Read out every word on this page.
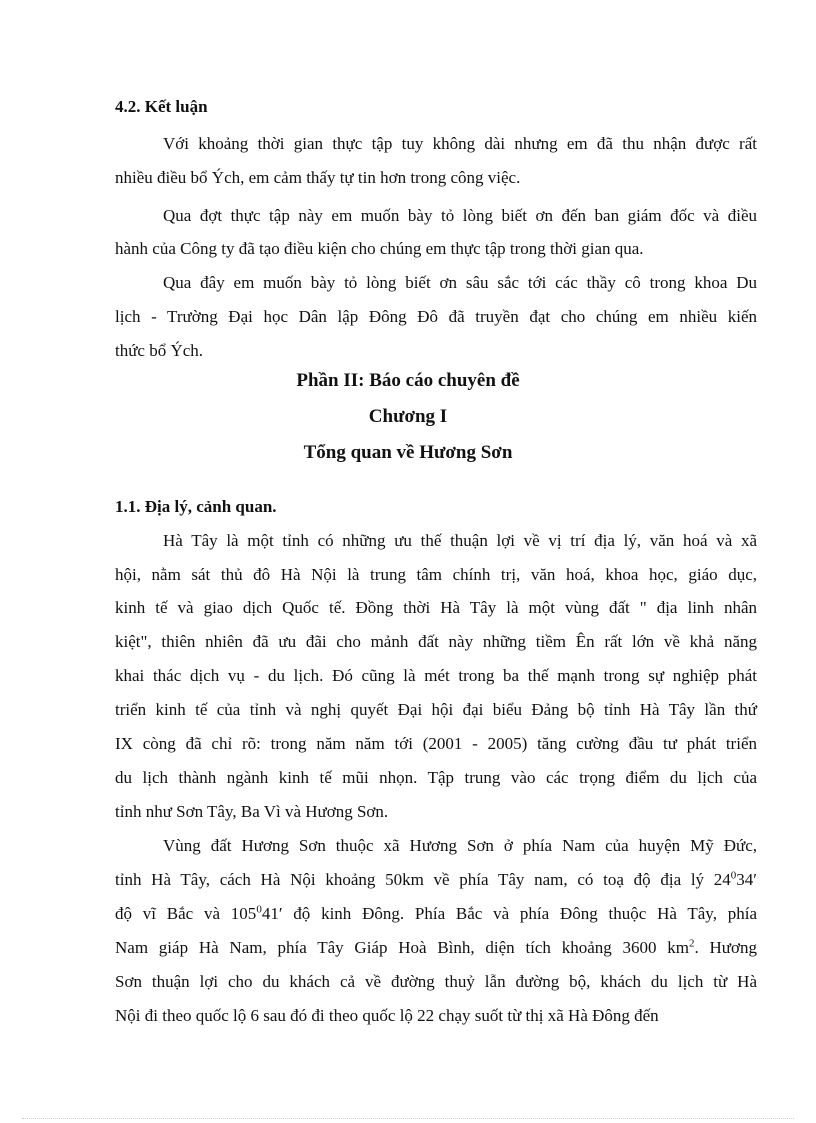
4.2. Kết luận
Với khoảng thời gian thực tập tuy không dài nhưng em đã thu nhận được rất
nhiều điều bổ Ých, em cảm thấy tự tin hơn trong công việc.
Qua đợt thực tập này em muốn bày tỏ lòng biết ơn đến ban giám đốc và điều
hành của Công ty đã tạo điều kiện cho chúng em thực tập trong thời gian qua.
Qua đây em muốn bày tỏ lòng biết ơn sâu sắc tới các thầy cô trong khoa Du
lịch - Trường Đại học Dân lập Đông Đô đã truyền đạt cho chúng em nhiều kiến
thức bổ Ých.
Phần II: Báo cáo chuyên đề
Chương I
Tổng quan về Hương Sơn
1.1. Địa lý, cảnh quan.
Hà Tây là một tỉnh có những ưu thế thuận lợi về vị trí địa lý, văn hoá và xã
hội, nằm sát thủ đô Hà Nội là trung tâm chính trị, văn hoá, khoa học, giáo dục,
kinh tế và giao dịch Quốc tế. Đồng thời Hà Tây là một vùng đất " địa linh nhân
kiệt", thiên nhiên đã ưu đãi cho mảnh đất này những tiềm Ên rất lớn về khả năng
khai thác dịch vụ - du lịch. Đó cũng là mét trong ba thế mạnh trong sự nghiệp phát
triển kinh tế của tỉnh và nghị quyết Đại hội đại biểu Đảng bộ tỉnh Hà Tây lần thứ
IX còng đã chỉ rõ: trong năm năm tới (2001 - 2005) tăng cường đầu tư phát triển
du lịch thành ngành kinh tế mũi nhọn. Tập trung vào các trọng điểm du lịch của
tỉnh như Sơn Tây, Ba Vì và Hương Sơn.
Vùng đất Hương Sơn thuộc xã Hương Sơn ở phía Nam của huyện Mỹ Đức,
tỉnh Hà Tây, cách Hà Nội khoảng 50km về phía Tây nam, có toạ độ địa lý $24^034'$
độ vĩ Bắc và $105^041'$ độ kinh Đông. Phía Bắc và phía Đông thuộc Hà Tây, phía
Nam giáp Hà Nam, phía Tây Giáp Hoà Bình, diện tích khoảng 3600 $km^2$. Hương
Sơn thuận lợi cho du khách cả về đường thuỷ lẫn đường bộ, khách du lịch từ Hà
Nội đi theo quốc lộ 6 sau đó đi theo quốc lộ 22 chạy suốt từ thị xã Hà Đông đến
